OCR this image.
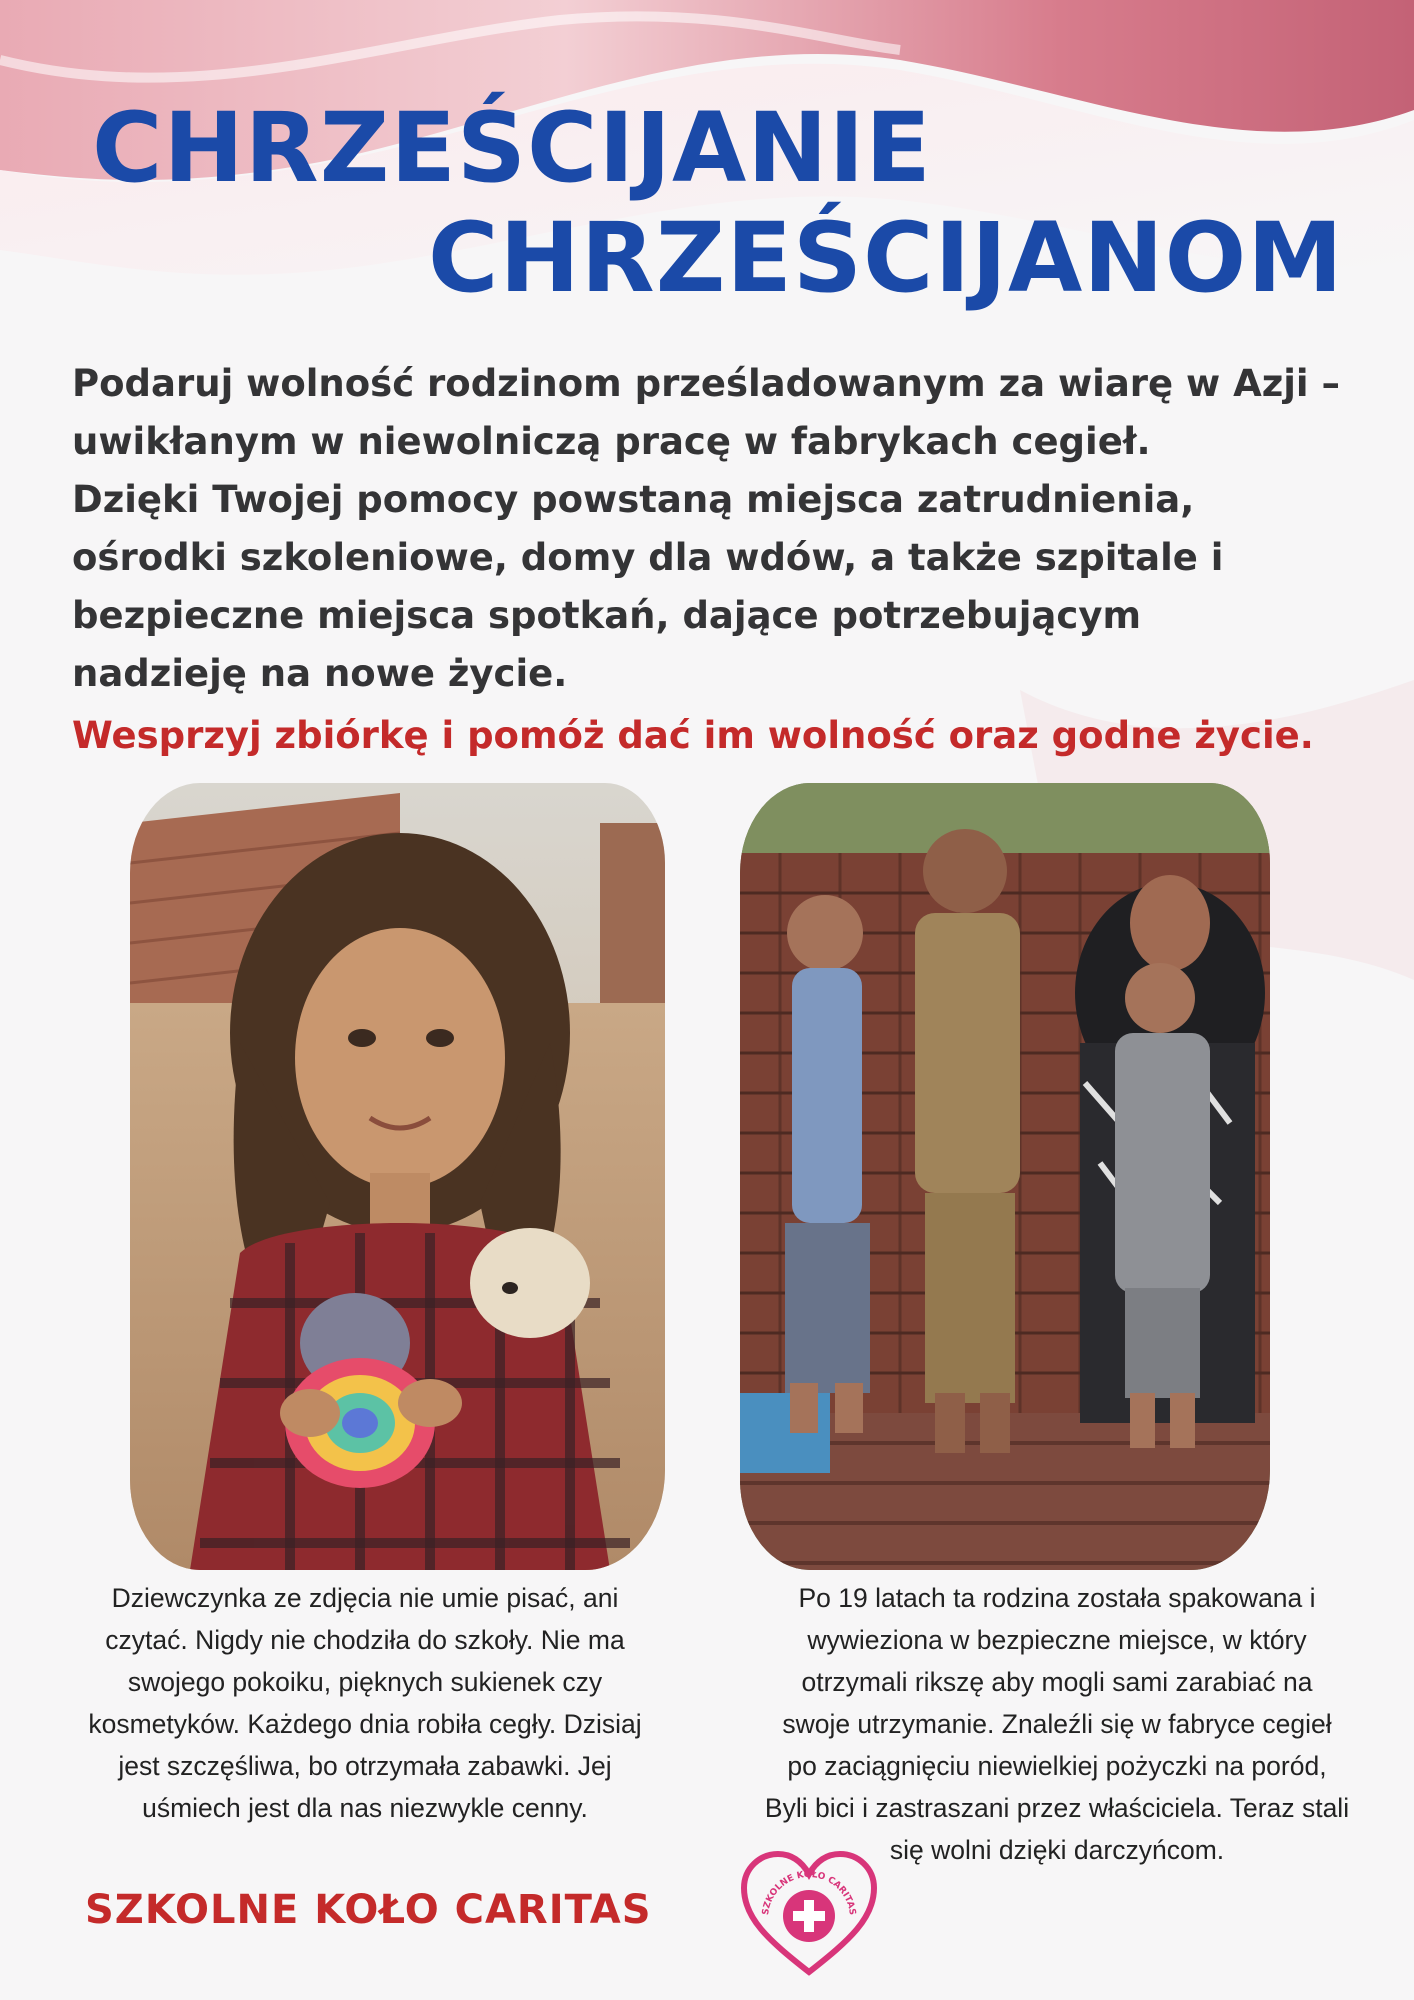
CHRZEŚCIJANIE
CHRZEŚCIJANOM

Podaruj wolność rodzinom prześladowanym za wiarę w Azji –

uwikłanym w niewolniczą pracę w fabrykach cegieł.

Dzięki Twojej pomocy powstaną miejsca zatrudnienia,

ośrodki szkoleniowe, domy dla wdów, a także szpitale i

bezpieczne miejsca spotkań, dające potrzebującym

nadzieję na nowe życie.

Wesprzyj zbiórkę i pomóż dać im wolność oraz godne życie.

Dziewczynka ze zdjęcia nie umie pisać, ani
czytać. Nigdy nie chodziła do szkoły. Nie ma
swojego pokoiku, pięknych sukienek czy
kosmetyków. Każdego dnia robiła cegły. Dzisiaj
jest szczęśliwa, bo otrzymała zabawki. Jej
uśmiech jest dla nas niezwykle cenny.
Po 19 latach ta rodzina została spakowana i
wywieziona w bezpieczne miejsce, w który
otrzymali rikszę aby mogli sami zarabiać na
swoje utrzymanie. Znaleźli się w fabryce cegieł
po zaciągnięciu niewielkiej pożyczki na poród,
Byli bici i zastraszani przez właściciela. Teraz stali
się wolni dzięki darczyńcom.
SZKOLNE KOŁO CARITAS	SZKOLNE KOŁO CARITAS
